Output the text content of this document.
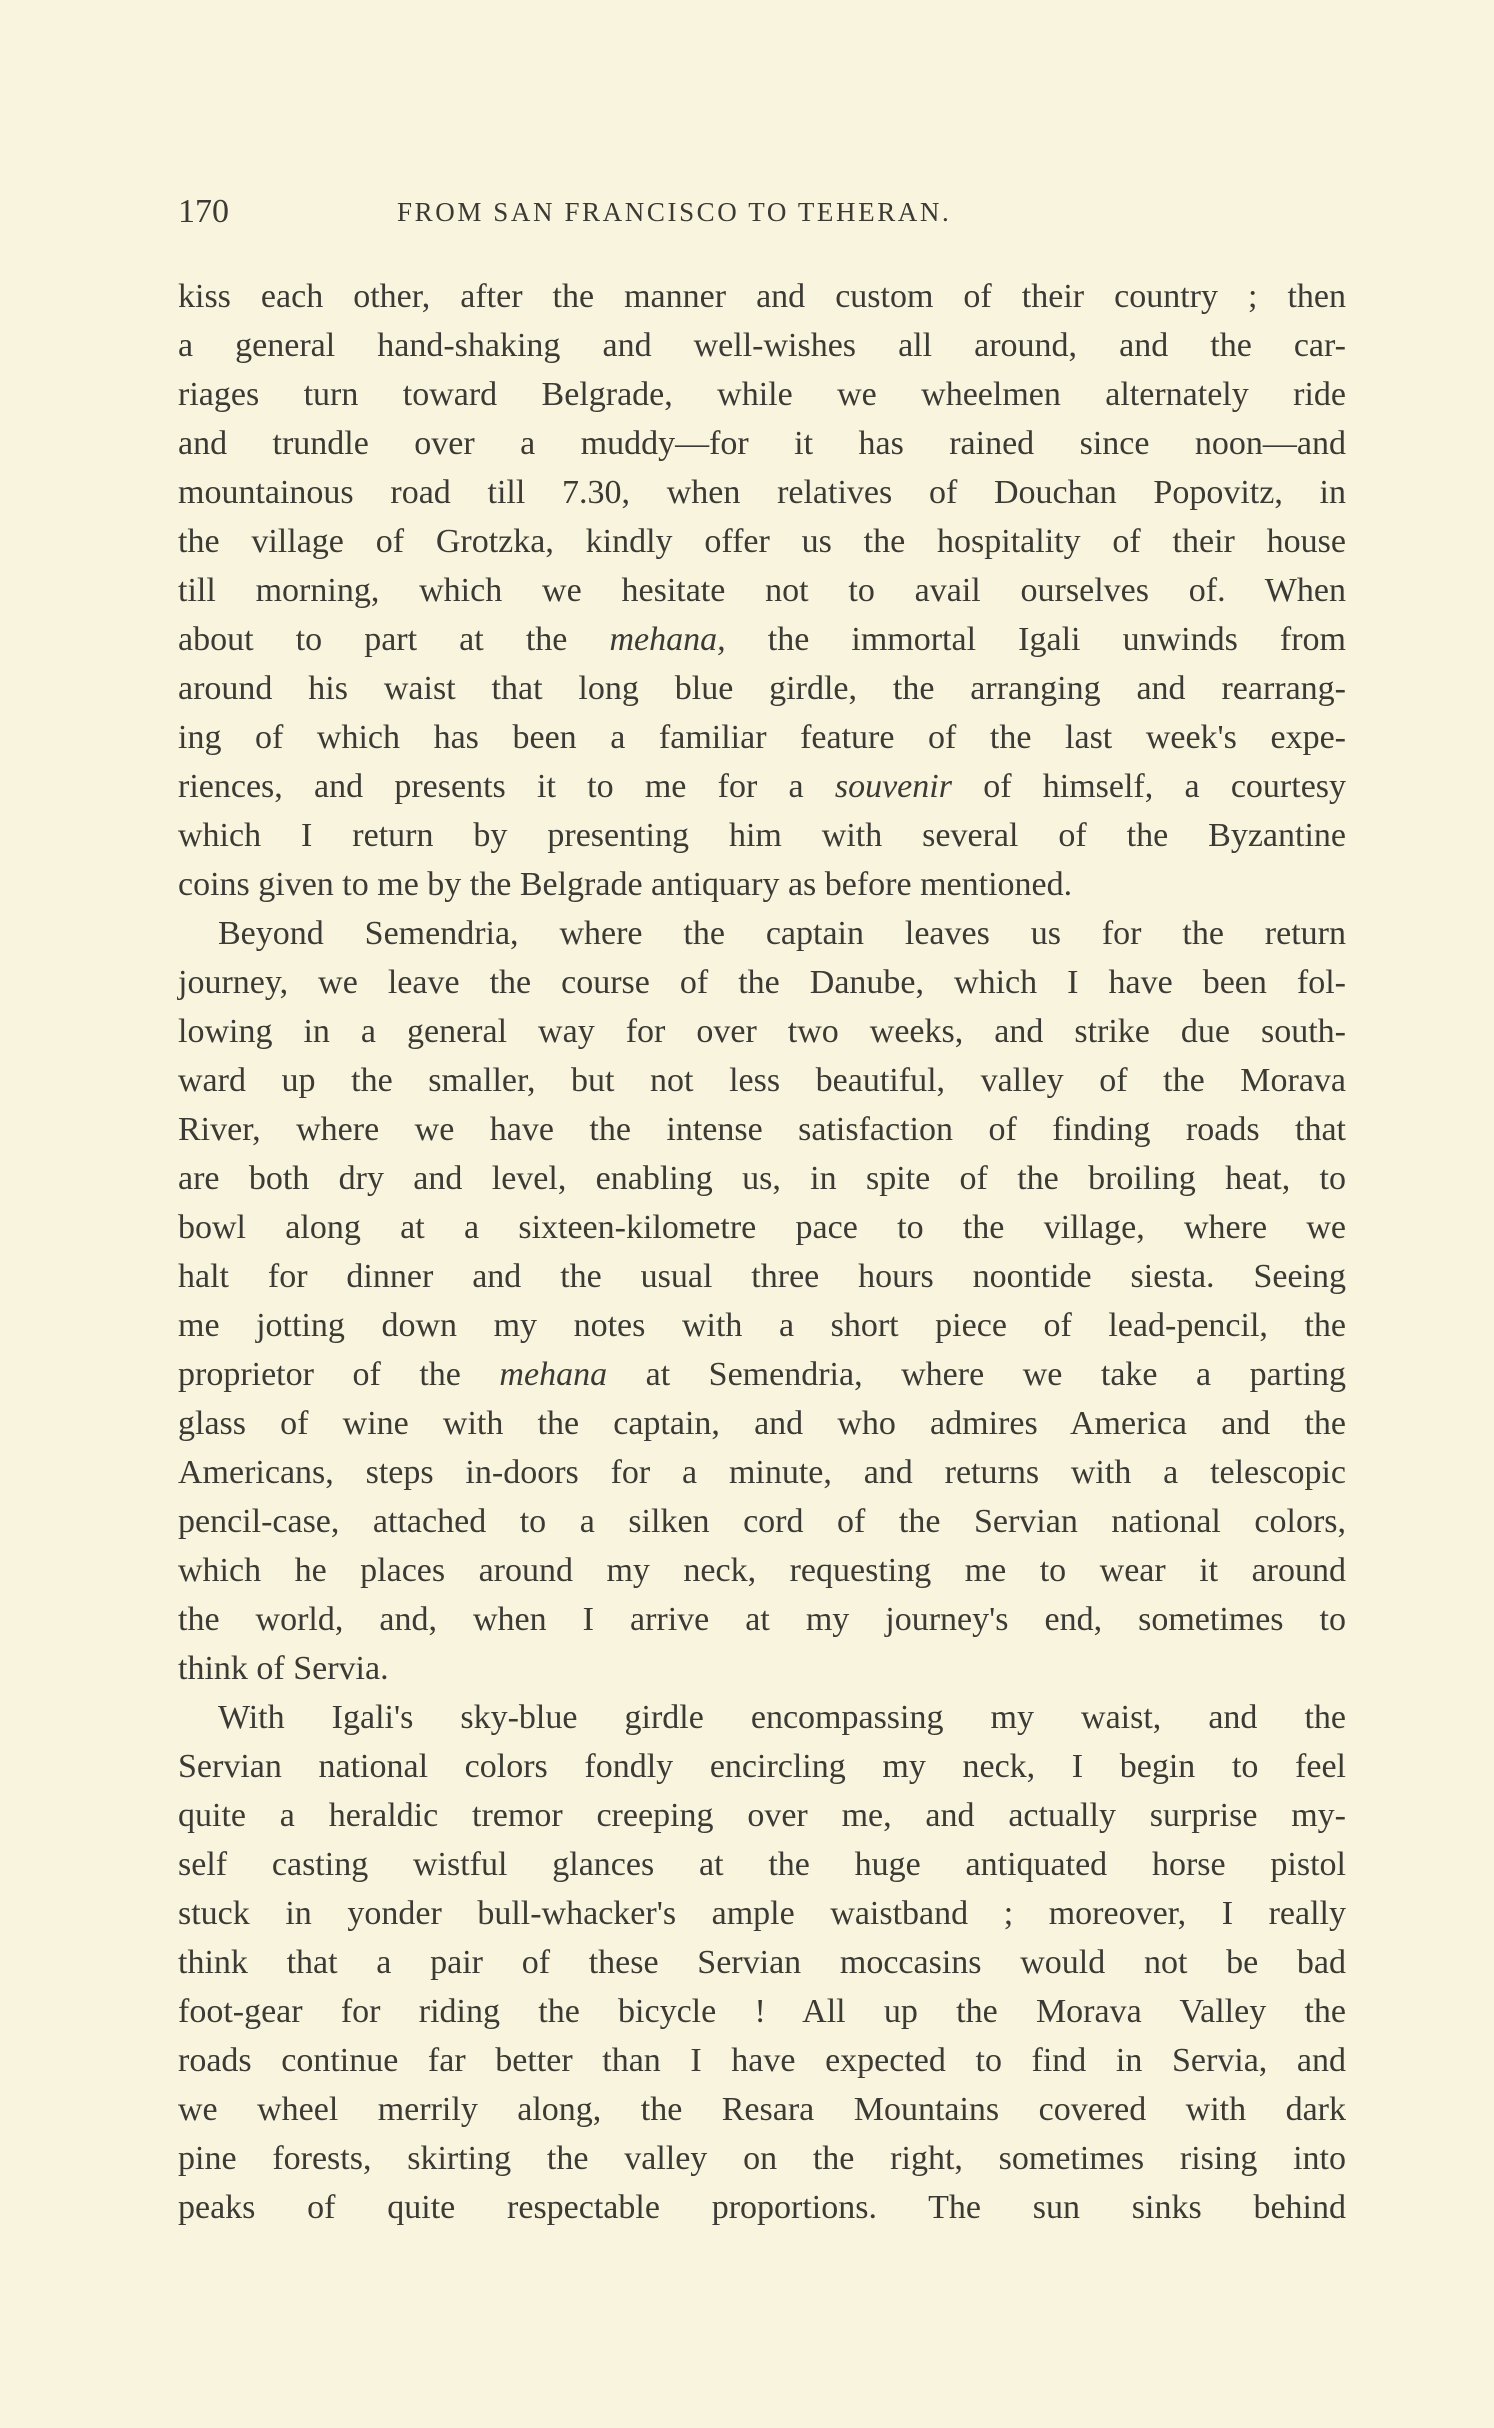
170	FROM SAN FRANCISCO TO TEHERAN.
kiss each other, after the manner and custom of their country ; then
a general hand-shaking and well-wishes all around, and the car-
riages turn toward Belgrade, while we wheelmen alternately ride
and trundle over a muddy—for it has rained since noon—and
mountainous road till 7.30, when relatives of Douchan Popovitz, in
the village of Grotzka, kindly offer us the hospitality of their house
till morning, which we hesitate not to avail ourselves of. When
about to part at the mehana, the immortal Igali unwinds from
around his waist that long blue girdle, the arranging and rearrang-
ing of which has been a familiar feature of the last week's expe-
riences, and presents it to me for a souvenir of himself, a courtesy
which I return by presenting him with several of the Byzantine
coins given to me by the Belgrade antiquary as before mentioned.
Beyond Semendria, where the captain leaves us for the return
journey, we leave the course of the Danube, which I have been fol-
lowing in a general way for over two weeks, and strike due south-
ward up the smaller, but not less beautiful, valley of the Morava
River, where we have the intense satisfaction of finding roads that
are both dry and level, enabling us, in spite of the broiling heat, to
bowl along at a sixteen-kilometre pace to the village, where we
halt for dinner and the usual three hours noontide siesta. Seeing
me jotting down my notes with a short piece of lead-pencil, the
proprietor of the mehana at Semendria, where we take a parting
glass of wine with the captain, and who admires America and the
Americans, steps in-doors for a minute, and returns with a telescopic
pencil-case, attached to a silken cord of the Servian national colors,
which he places around my neck, requesting me to wear it around
the world, and, when I arrive at my journey's end, sometimes to
think of Servia.
With Igali's sky-blue girdle encompassing my waist, and the
Servian national colors fondly encircling my neck, I begin to feel
quite a heraldic tremor creeping over me, and actually surprise my-
self casting wistful glances at the huge antiquated horse pistol
stuck in yonder bull-whacker's ample waistband ; moreover, I really
think that a pair of these Servian moccasins would not be bad
foot-gear for riding the bicycle ! All up the Morava Valley the
roads continue far better than I have expected to find in Servia, and
we wheel merrily along, the Resara Mountains covered with dark
pine forests, skirting the valley on the right, sometimes rising into
peaks of quite respectable proportions. The sun sinks behind
